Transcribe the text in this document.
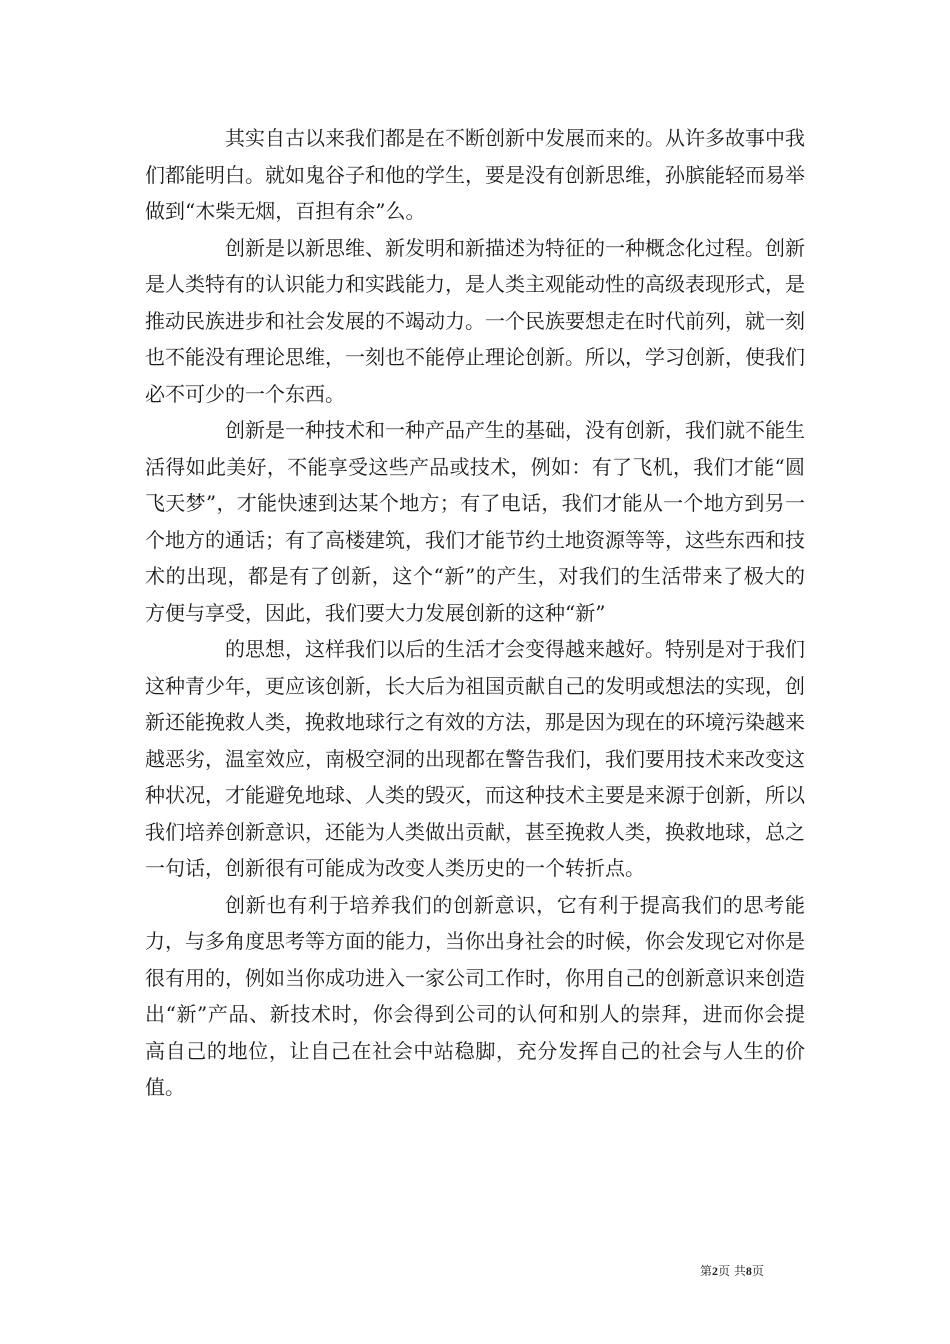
其实自古以来我们都是在不断创新中发展而来的。从许多故事中我们都能明白。就如鬼谷子和他的学生，要是没有创新思维，孙膑能轻而易举做到“木柴无烟，百担有余”么。

创新是以新思维、新发明和新描述为特征的一种概念化过程。创新是人类特有的认识能力和实践能力，是人类主观能动性的高级表现形式，是推动民族进步和社会发展的不竭动力。一个民族要想走在时代前列，就一刻也不能没有理论思维，一刻也不能停止理论创新。所以，学习创新，使我们必不可少的一个东西。

创新是一种技术和一种产品产生的基础，没有创新，我们就不能生活得如此美好，不能享受这些产品或技术，例如：有了飞机，我们才能“圆飞天梦”，才能快速到达某个地方；有了电话，我们才能从一个地方到另一个地方的通话；有了高楼建筑，我们才能节约土地资源等等，这些东西和技术的出现，都是有了创新，这个“新”的产生，对我们的生活带来了极大的方便与享受，因此，我们要大力发展创新的这种“新”

的思想，这样我们以后的生活才会变得越来越好。特别是对于我们这种青少年，更应该创新，长大后为祖国贡献自己的发明或想法的实现，创新还能挽救人类，挽救地球行之有效的方法，那是因为现在的环境污染越来越恶劣，温室效应，南极空洞的出现都在警告我们，我们要用技术来改变这种状况，才能避免地球、人类的毁灭，而这种技术主要是来源于创新，所以我们培养创新意识，还能为人类做出贡献，甚至挽救人类，换救地球，总之一句话，创新很有可能成为改变人类历史的一个转折点。

创新也有利于培养我们的创新意识，它有利于提高我们的思考能力，与多角度思考等方面的能力，当你出身社会的时候，你会发现它对你是很有用的，例如当你成功进入一家公司工作时，你用自己的创新意识来创造出“新”产品、新技术时，你会得到公司的认何和别人的崇拜，进而你会提高自己的地位，让自己在社会中站稳脚，充分发挥自己的社会与人生的价值。

第2页 共8页
